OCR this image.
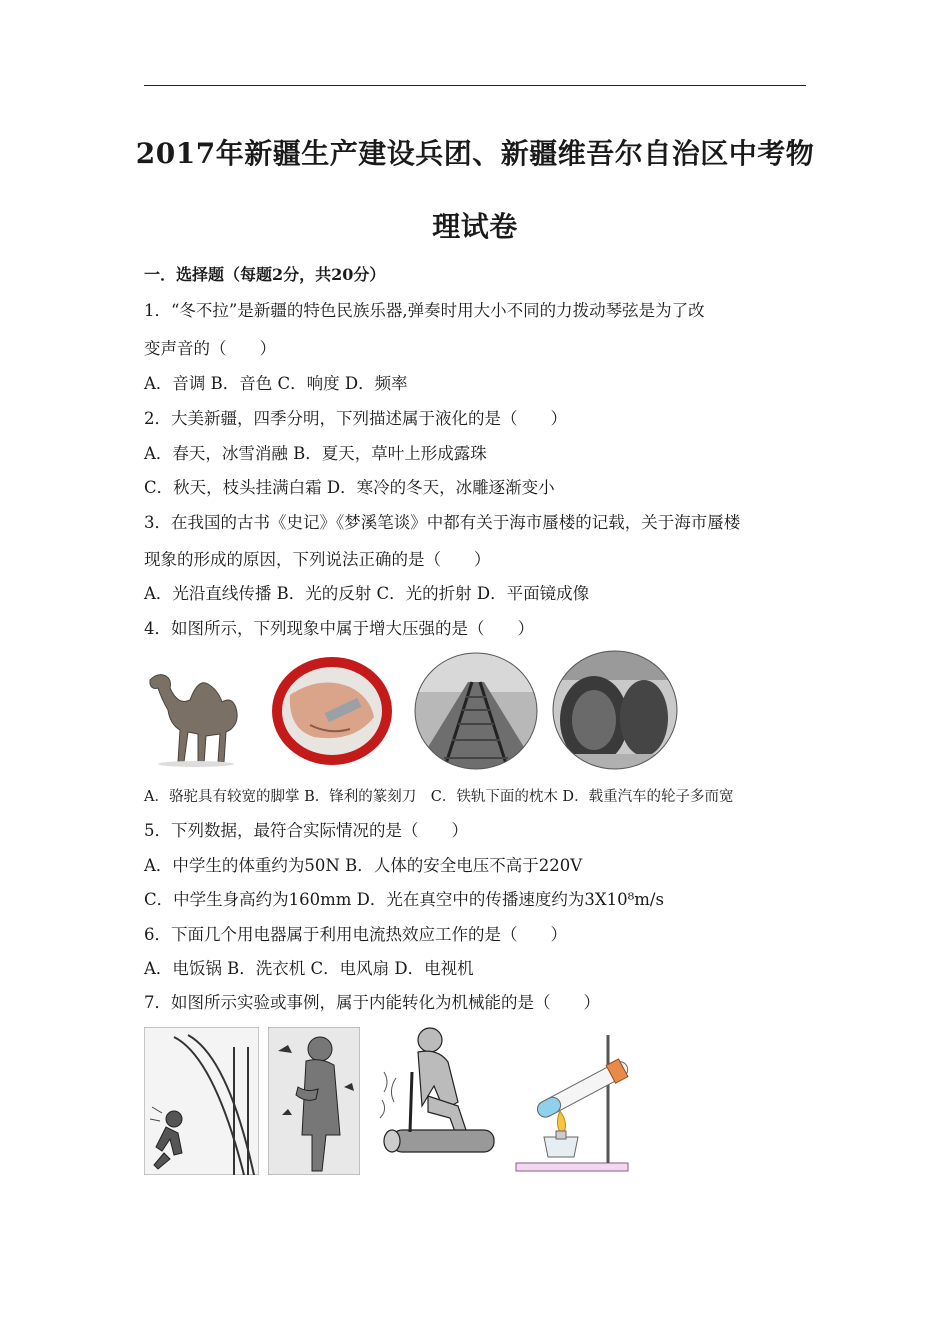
2017年新疆生产建设兵团、新疆维吾尔自治区中考物
理试卷
一．选择题（每题2分，共20分）
1．“冬不拉”是新疆的特色民族乐器,弹奏时用大小不同的力拨动琴弦是为了改
变声音的（　　）
A．音调 B．音色 C．响度 D．频率
2．大美新疆，四季分明，下列描述属于液化的是（　　）
A．春天，冰雪消融 B．夏天，草叶上形成露珠
C．秋天，枝头挂满白霜 D．寒冷的冬天，冰雕逐渐变小
3．在我国的古书《史记》《梦溪笔谈》中都有关于海市蜃楼的记载，关于海市蜃楼
现象的形成的原因，下列说法正确的是（　　）
A．光沿直线传播 B．光的反射 C．光的折射 D．平面镜成像
4．如图所示，下列现象中属于增大压强的是（　　）
A．骆驼具有较宽的脚掌 B．锋利的篆刻刀　C．铁轨下面的枕木 D．载重汽车的轮子多而宽
5．下列数据，最符合实际情况的是（　　）
A．中学生的体重约为50N B．人体的安全电压不高于220V
C．中学生身高约为160mm D．光在真空中的传播速度约为3X10⁸m/s
6．下面几个用电器属于利用电流热效应工作的是（　　）
A．电饭锅 B．洗衣机 C．电风扇 D．电视机
7．如图所示实验或事例，属于内能转化为机械能的是（　　）
